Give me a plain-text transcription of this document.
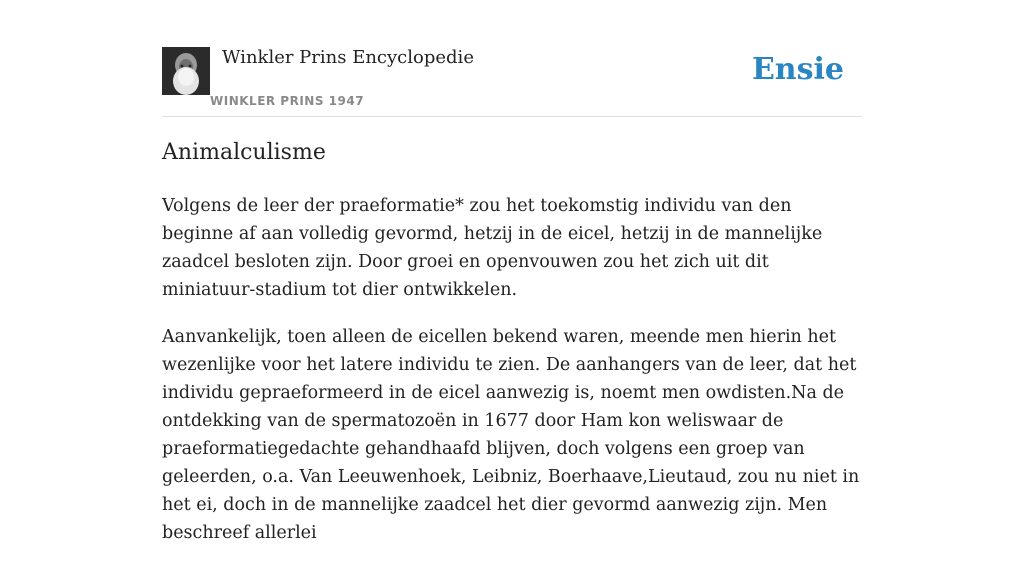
Winkler Prins Encyclopedie
WINKLER PRINS 1947
Ensie
Animalculisme

Volgens de leer der praeformatie* zou het toekomstig individu van den beginne af aan volledig gevormd, hetzij in de eicel, hetzij in de mannelijke zaadcel besloten zijn. Door groei en openvouwen zou het zich uit dit miniatuur-stadium tot dier ontwikkelen.

Aanvankelijk, toen alleen de eicellen bekend waren, meende men hierin het wezenlijke voor het latere individu te zien. De aanhangers van de leer, dat het individu gepraeformeerd in de eicel aanwezig is, noemt men owdisten.Na de ontdekking van de spermatozoën in 1677 door Ham kon weliswaar de praeformatiegedachte gehandhaafd blijven, doch volgens een groep van geleerden, o.a. Van Leeuwenhoek, Leibniz, Boerhaave,Lieutaud, zou nu niet in het ei, doch in de mannelijke zaadcel het dier gevormd aanwezig zijn. Men beschreef allerlei
